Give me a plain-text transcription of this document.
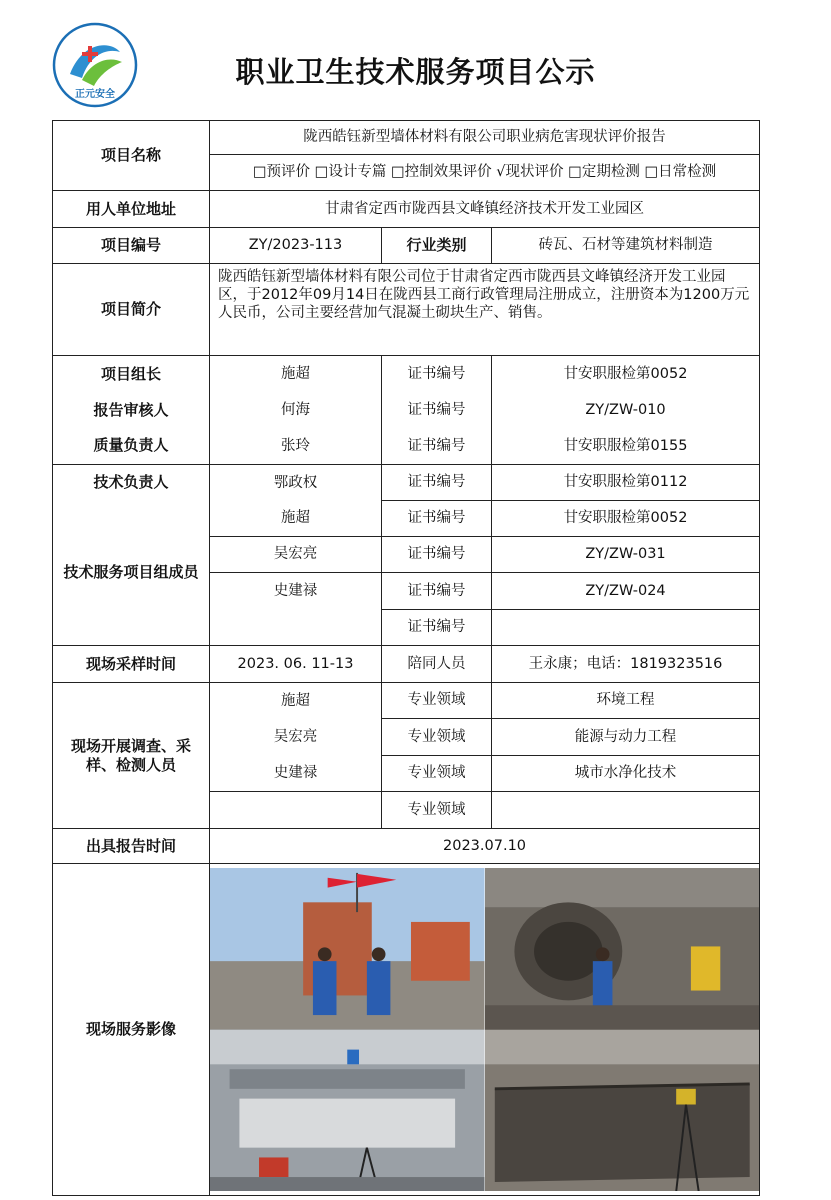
正元安全
职业卫生技术服务项目公示
项目名称	陇西皓钰新型墙体材料有限公司职业病危害现状评价报告		
	□预评价 □设计专篇 □控制效果评价 √现状评价 □定期检测 □日常检测		
用人单位地址	甘肃省定西市陇西县文峰镇经济技术开发工业园区		
项目编号	ZY/2023-113	行业类别	砖瓦、石材等建筑材料制造
项目简介	陇西皓钰新型墙体材料有限公司位于甘肃省定西市陇西县文峰镇经济开发工业园区，于2012年09月14日在陇西县工商行政管理局注册成立，注册资本为1200万元人民币，公司主要经营加气混凝土砌块生产、销售。		
项目组长	施超	证书编号	甘安职服检第0052
报告审核人	何海	证书编号	ZY/ZW-010
质量负责人	张玲	证书编号	甘安职服检第0155
技术负责人	鄂政权	证书编号	甘安职服检第0112
技术服务项目组成员	施超	证书编号	甘安职服检第0052
	吴宏亮	证书编号	ZY/ZW-031
	史建禄	证书编号	ZY/ZW-024
		证书编号	
现场采样时间	2023. 06. 11-13	陪同人员	王永康；电话：18193235​16
现场开展调查、采样、检测人员	施超	专业领域	环境工程
	吴宏亮	专业领域	能源与动力工程
	史建禄	专业领域	城市水净化技术
		专业领域	
出具报告时间	2023.07.10		
现场服务影像	
